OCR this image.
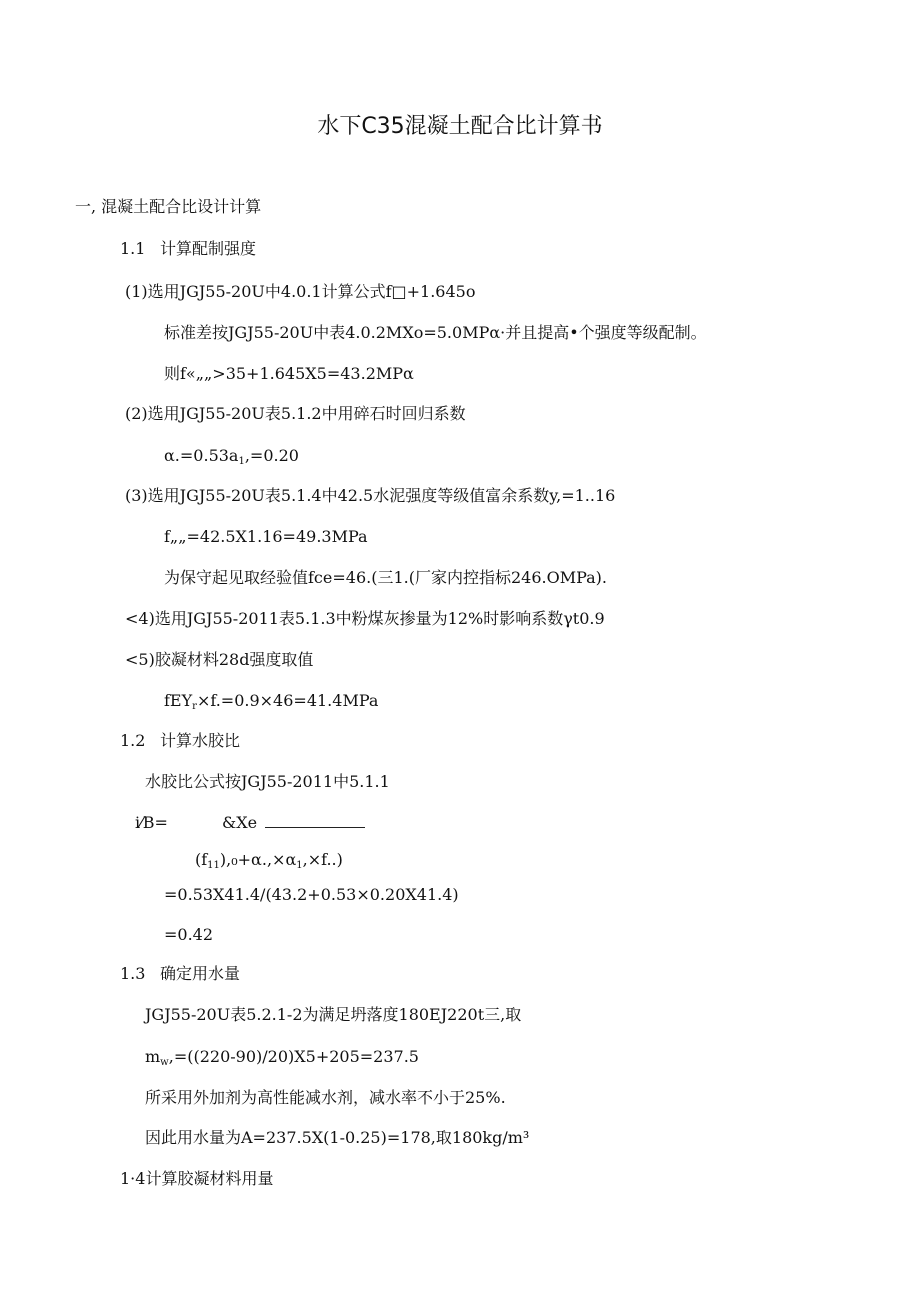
水下C35混凝土配合比计算书
一, 混凝土配合比设计计算
1.1 计算配制强度
(1)选用JGJ55-20U中4.0.1计算公式f□+1.645o
标准差按JGJ55-20U中表4.0.2MXo=5.0MPα·并且提高•个强度等级配制。
则f«„„>35+1.645X5=43.2MPα
(2)选用JGJ55-20U表5.1.2中用碎石时回归系数
$\alpha.=0.53a_1,=0.20$
(3)选用JGJ55-20U表5.1.4中42.5水泥强度等级值富余系数y,=1..16
f„„=42.5X1.16=49.3MPa
为保守起见取经验值fce=46.(三1.(厂家内控指标246.OMPa).
<4)选用JGJ55-2011表5.1.3中粉煤灰掺量为12%时影响系数γt0.9
<5)胶凝材料28d强度取值
fEY$_r$×f.=0.9×46=41.4MPa
1.2 计算水胶比
水胶比公式按JGJ55-2011中5.1.1
i⁄B=	&Xe
$(f_{11}),_0+\alpha.,\times\alpha_1,\times f$..)
=0.53X41.4/(43.2+0.53×0.20X41.4)
=0.42
1.3 确定用水量
JGJ55-20U表5.2.1-2为满足坍落度180EJ220t三,取
$m_w,=((220-90)/20)X5+205=237.5$
所采用外加剂为高性能减水剂，减水率不小于25%.
因此用水量为A=237.5X(1-0.25)=178,取180kg∕m³
1·4计算胶凝材料用量
